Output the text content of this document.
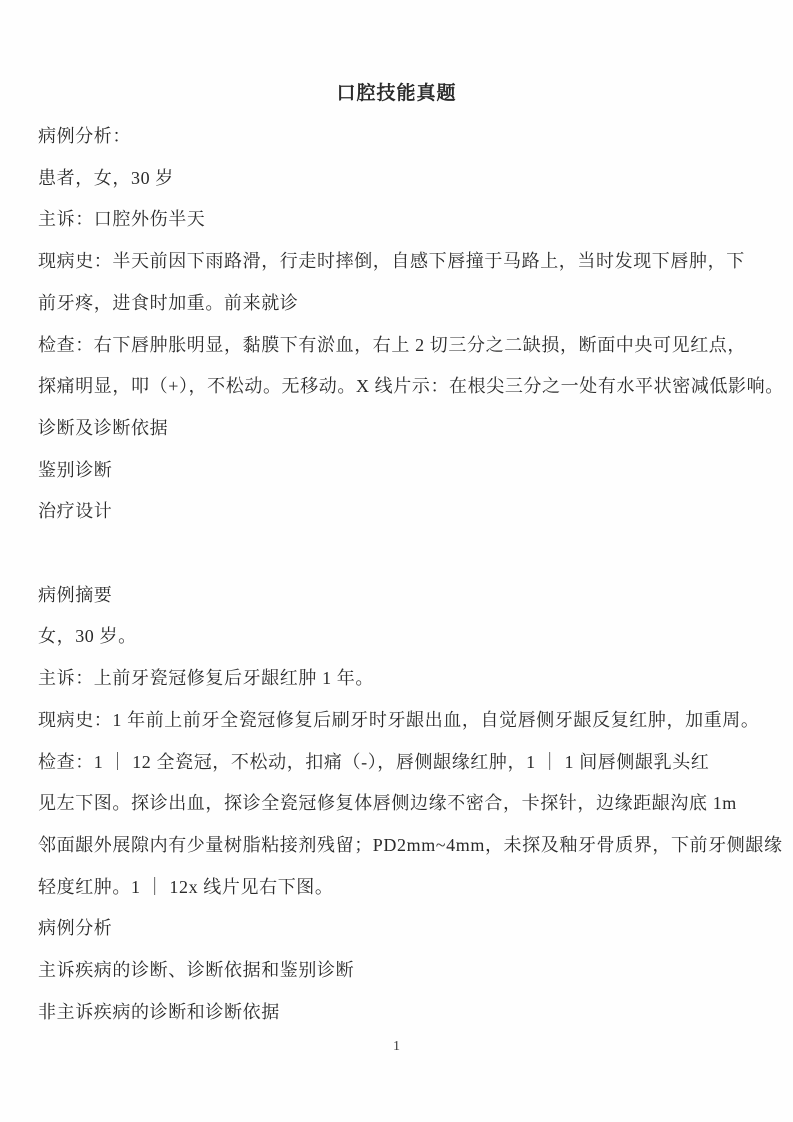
口腔技能真题
病例分析：
患者，女，30 岁
主诉：口腔外伤半天
现病史：半天前因下雨路滑，行走时摔倒，自感下唇撞于马路上，当时发现下唇肿，下
前牙疼，进食时加重。前来就诊
检查：右下唇肿胀明显，黏膜下有淤血，右上 2 切三分之二缺损，断面中央可见红点，
探痛明显，叩（+），不松动。无移动。X 线片示：在根尖三分之一处有水平状密减低影响。
诊断及诊断依据
鉴别诊断
治疗设计
病例摘要
女，30 岁。
主诉：上前牙瓷冠修复后牙龈红肿 1 年。
现病史：1 年前上前牙全瓷冠修复后刷牙时牙龈出血，自觉唇侧牙龈反复红肿，加重周。
检查：1 ｜ 12 全瓷冠，不松动，扣痛（-），唇侧龈缘红肿，1 ｜ 1 间唇侧龈乳头红
见左下图。探诊出血，探诊全瓷冠修复体唇侧边缘不密合，卡探针，边缘距龈沟底 1m
邻面龈外展隙内有少量树脂粘接剂残留；PD2mm~4mm，未探及釉牙骨质界，下前牙侧龈缘
轻度红肿。1 ｜ 12x 线片见右下图。
病例分析
主诉疾病的诊断、诊断依据和鉴别诊断
非主诉疾病的诊断和诊断依据
1
